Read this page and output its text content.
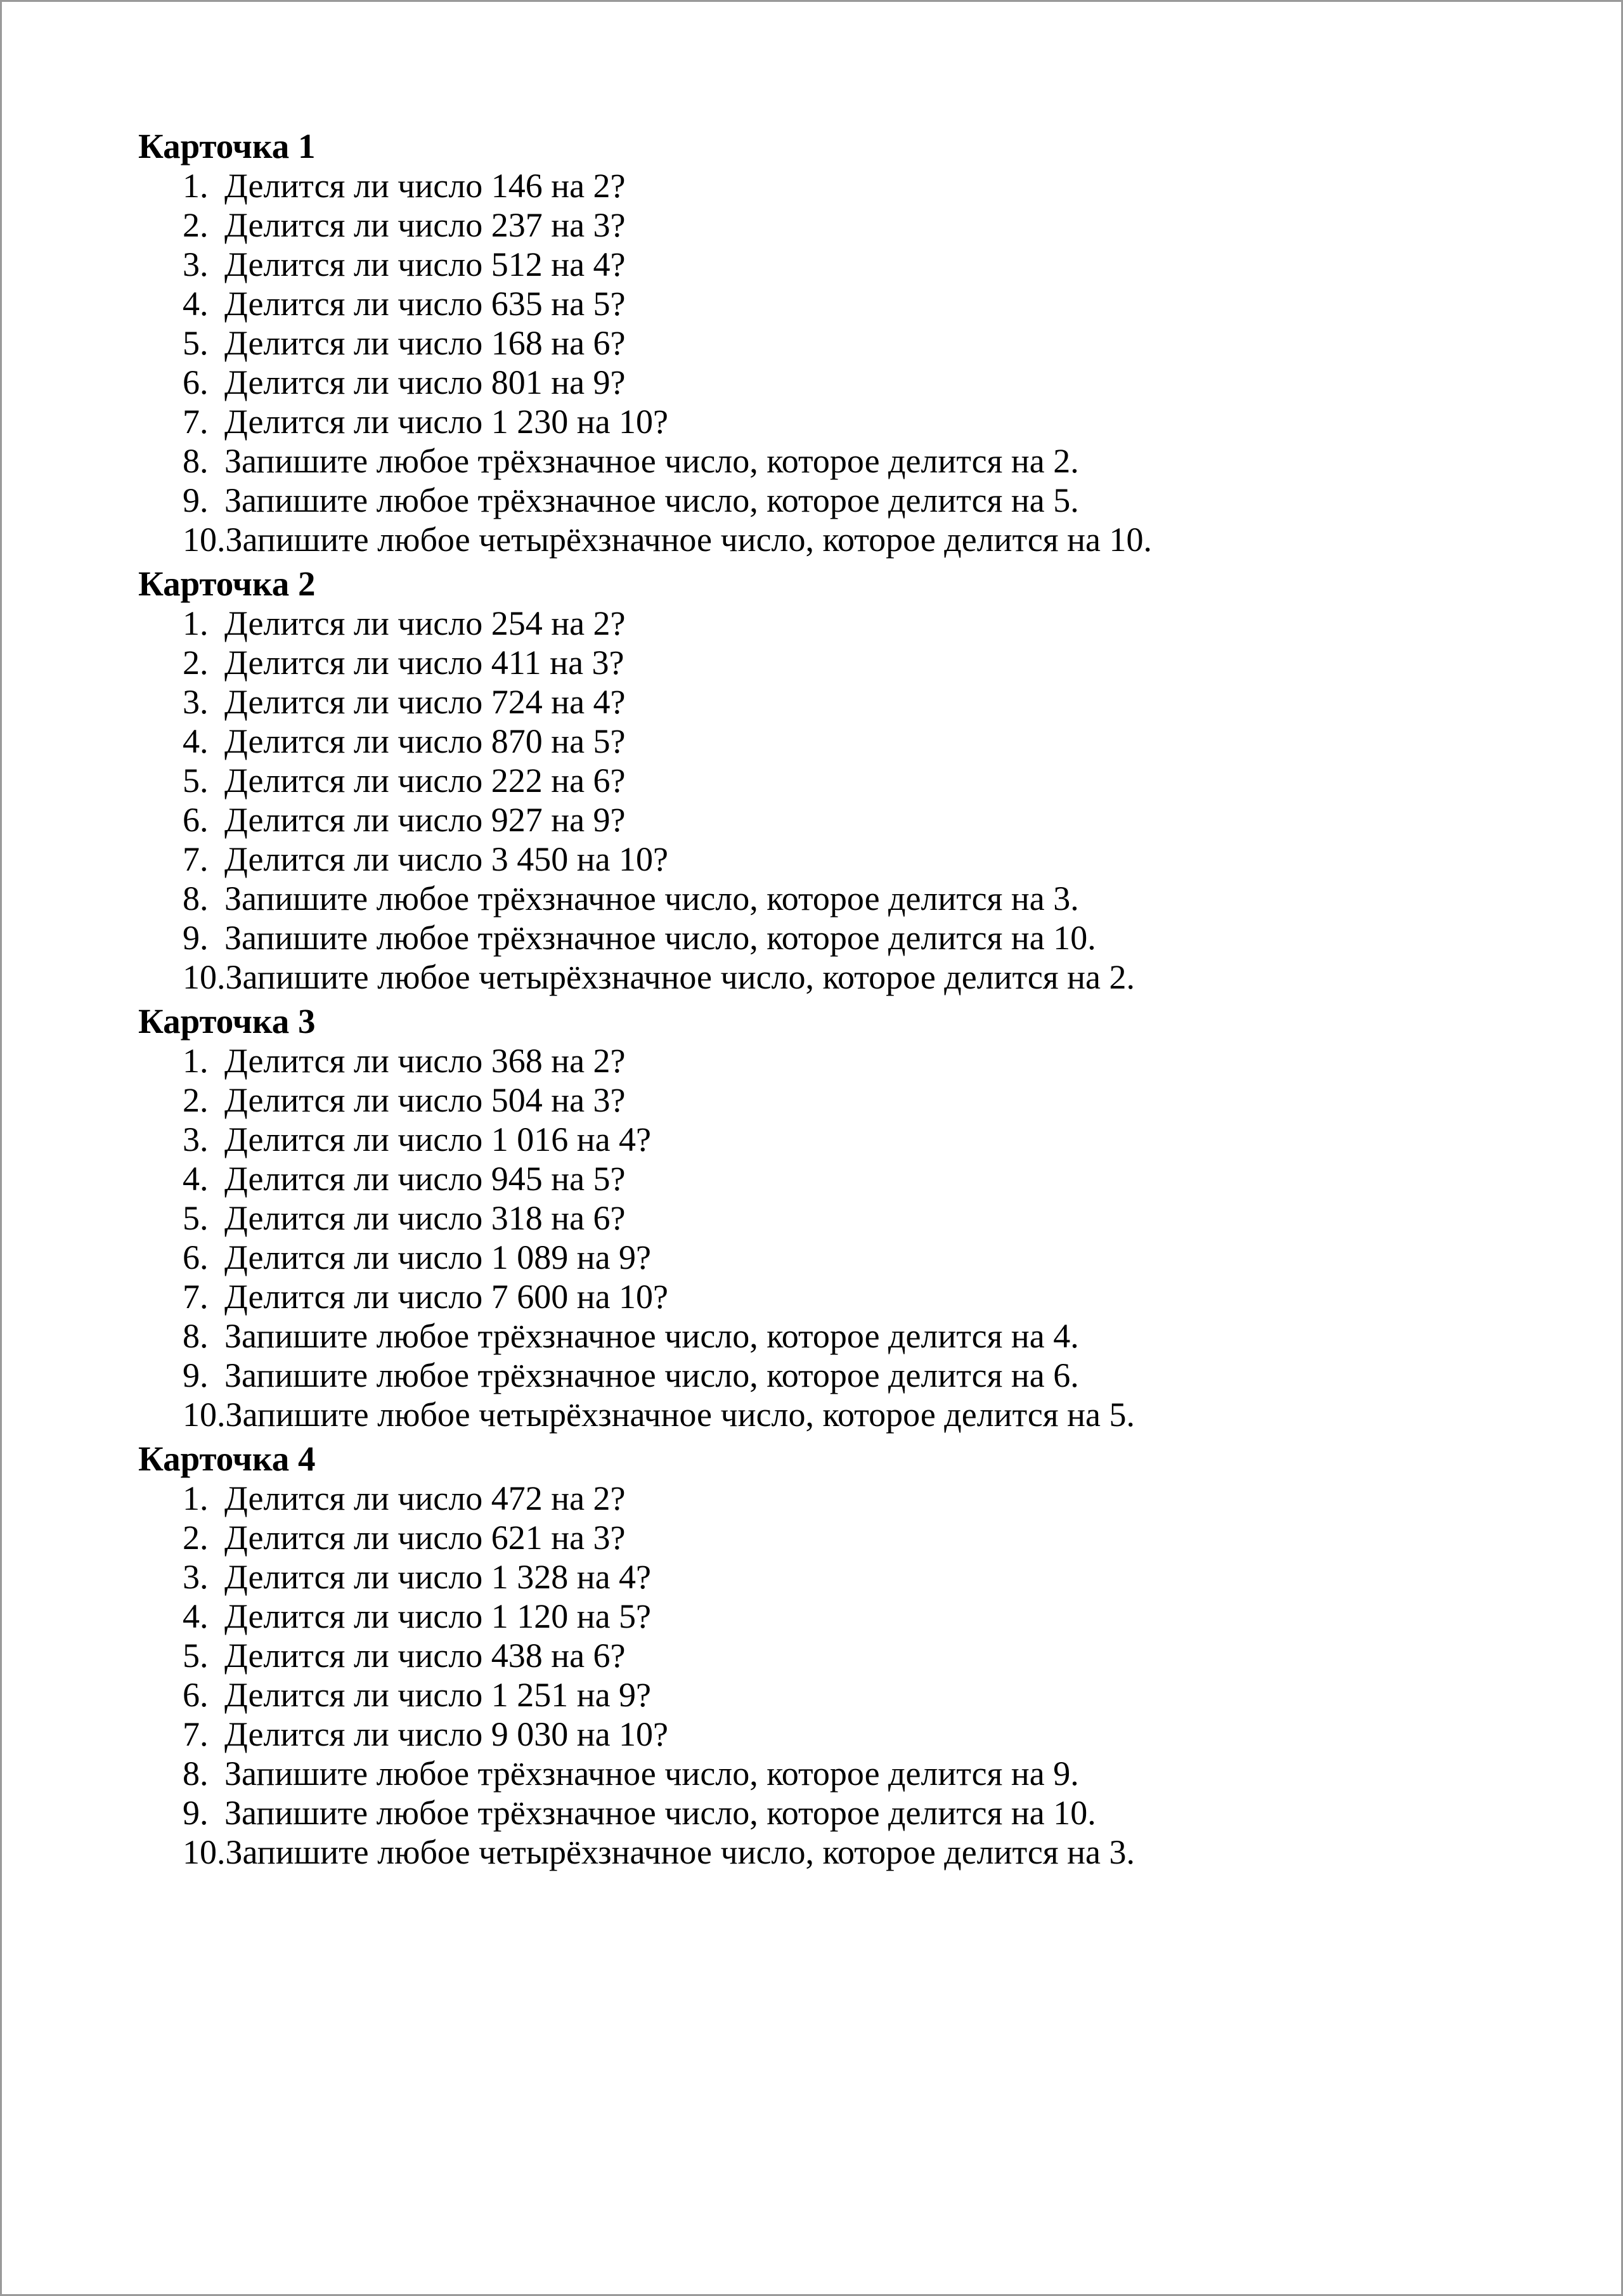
Карточка 1
1. Делится ли число 146 на 2?
2. Делится ли число 237 на 3?
3. Делится ли число 512 на 4?
4. Делится ли число 635 на 5?
5. Делится ли число 168 на 6?
6. Делится ли число 801 на 9?
7. Делится ли число 1 230 на 10?
8. Запишите любое трёхзначное число, которое делится на 2.
9. Запишите любое трёхзначное число, которое делится на 5.
10. Запишите любое четырёхзначное число, которое делится на 10.
Карточка 2
1. Делится ли число 254 на 2?
2. Делится ли число 411 на 3?
3. Делится ли число 724 на 4?
4. Делится ли число 870 на 5?
5. Делится ли число 222 на 6?
6. Делится ли число 927 на 9?
7. Делится ли число 3 450 на 10?
8. Запишите любое трёхзначное число, которое делится на 3.
9. Запишите любое трёхзначное число, которое делится на 10.
10. Запишите любое четырёхзначное число, которое делится на 2.
Карточка 3
1. Делится ли число 368 на 2?
2. Делится ли число 504 на 3?
3. Делится ли число 1 016 на 4?
4. Делится ли число 945 на 5?
5. Делится ли число 318 на 6?
6. Делится ли число 1 089 на 9?
7. Делится ли число 7 600 на 10?
8. Запишите любое трёхзначное число, которое делится на 4.
9. Запишите любое трёхзначное число, которое делится на 6.
10. Запишите любое четырёхзначное число, которое делится на 5.
Карточка 4
1. Делится ли число 472 на 2?
2. Делится ли число 621 на 3?
3. Делится ли число 1 328 на 4?
4. Делится ли число 1 120 на 5?
5. Делится ли число 438 на 6?
6. Делится ли число 1 251 на 9?
7. Делится ли число 9 030 на 10?
8. Запишите любое трёхзначное число, которое делится на 9.
9. Запишите любое трёхзначное число, которое делится на 10.
10. Запишите любое четырёхзначное число, которое делится на 3.
